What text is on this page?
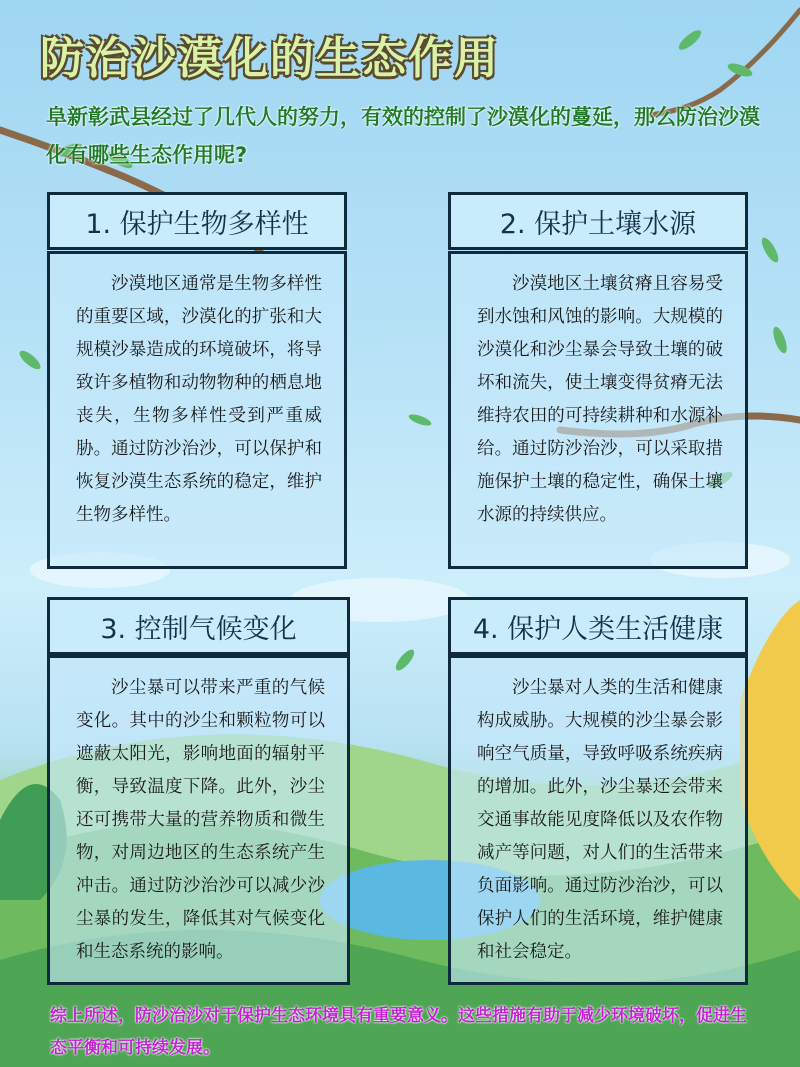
防治沙漠化的生态作用

阜新彰武县经过了几代人的努力，有效的控制了沙漠化的蔓延，那么防治沙漠化有哪些生态作用呢?

1. 保护生物多样性
沙漠地区通常是生物多样性的重要区域，沙漠化的扩张和大规模沙暴造成的环境破坏，将导致许多植物和动物物种的栖息地丧失，生物多样性受到严重威胁。通过防沙治沙，可以保护和恢复沙漠生态系统的稳定，维护生物多样性。
2. 保护土壤水源
沙漠地区土壤贫瘠且容易受到水蚀和风蚀的影响。大规模的沙漠化和沙尘暴会导致土壤的破坏和流失，使土壤变得贫瘠无法维持农田的可持续耕种和水源补给。通过防沙治沙，可以采取措施保护土壤的稳定性，确保土壤水源的持续供应。
3. 控制气候变化
沙尘暴可以带来严重的气候变化。其中的沙尘和颗粒物可以遮蔽太阳光，影响地面的辐射平衡，导致温度下降。此外，沙尘还可携带大量的营养物质和微生物，对周边地区的生态系统产生冲击。通过防沙治沙可以减少沙尘暴的发生，降低其对气候变化和生态系统的影响。
4. 保护人类生活健康
沙尘暴对人类的生活和健康构成威胁。大规模的沙尘暴会影响空气质量，导致呼吸系统疾病的增加。此外，沙尘暴还会带来交通事故能见度降低以及农作物减产等问题，对人们的生活带来负面影响。通过防沙治沙，可以保护人们的生活环境，维护健康和社会稳定。

综上所述，防沙治沙对于保护生态环境具有重要意义。这些措施有助于减少环境破坏，促进生态平衡和可持续发展。
